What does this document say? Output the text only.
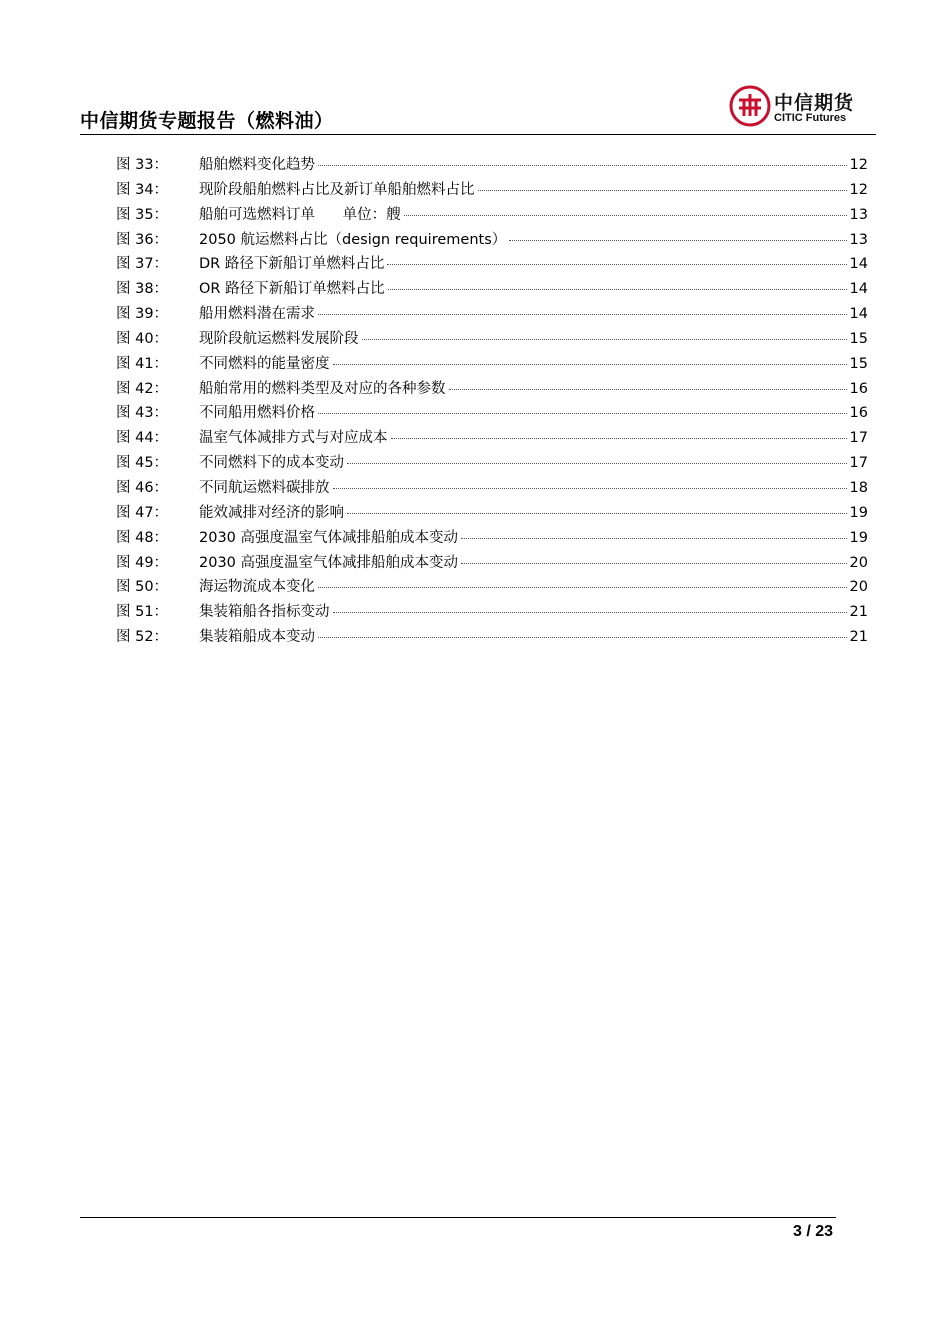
中信期货专题报告（燃料油）
中信期货
CITIC Futures
图 33：	船舶燃料变化趋势	12
图 34：	现阶段船舶燃料占比及新订单船舶燃料占比	12
图 35：	船舶可选燃料订单      单位：艘	13
图 36：	2050 航运燃料占比（design requirements）	13
图 37：	DR 路径下新船订单燃料占比	14
图 38：	OR 路径下新船订单燃料占比	14
图 39：	船用燃料潜在需求	14
图 40：	现阶段航运燃料发展阶段	15
图 41：	不同燃料的能量密度	15
图 42：	船舶常用的燃料类型及对应的各种参数	16
图 43：	不同船用燃料价格	16
图 44：	温室气体减排方式与对应成本	17
图 45：	不同燃料下的成本变动	17
图 46：	不同航运燃料碳排放	18
图 47：	能效减排对经济的影响	19
图 48：	2030 高强度温室气体减排船舶成本变动	19
图 49：	2030 高强度温室气体减排船舶成本变动	20
图 50：	海运物流成本变化	20
图 51：	集装箱船各指标变动	21
图 52：	集装箱船成本变动	21
3 / 23
